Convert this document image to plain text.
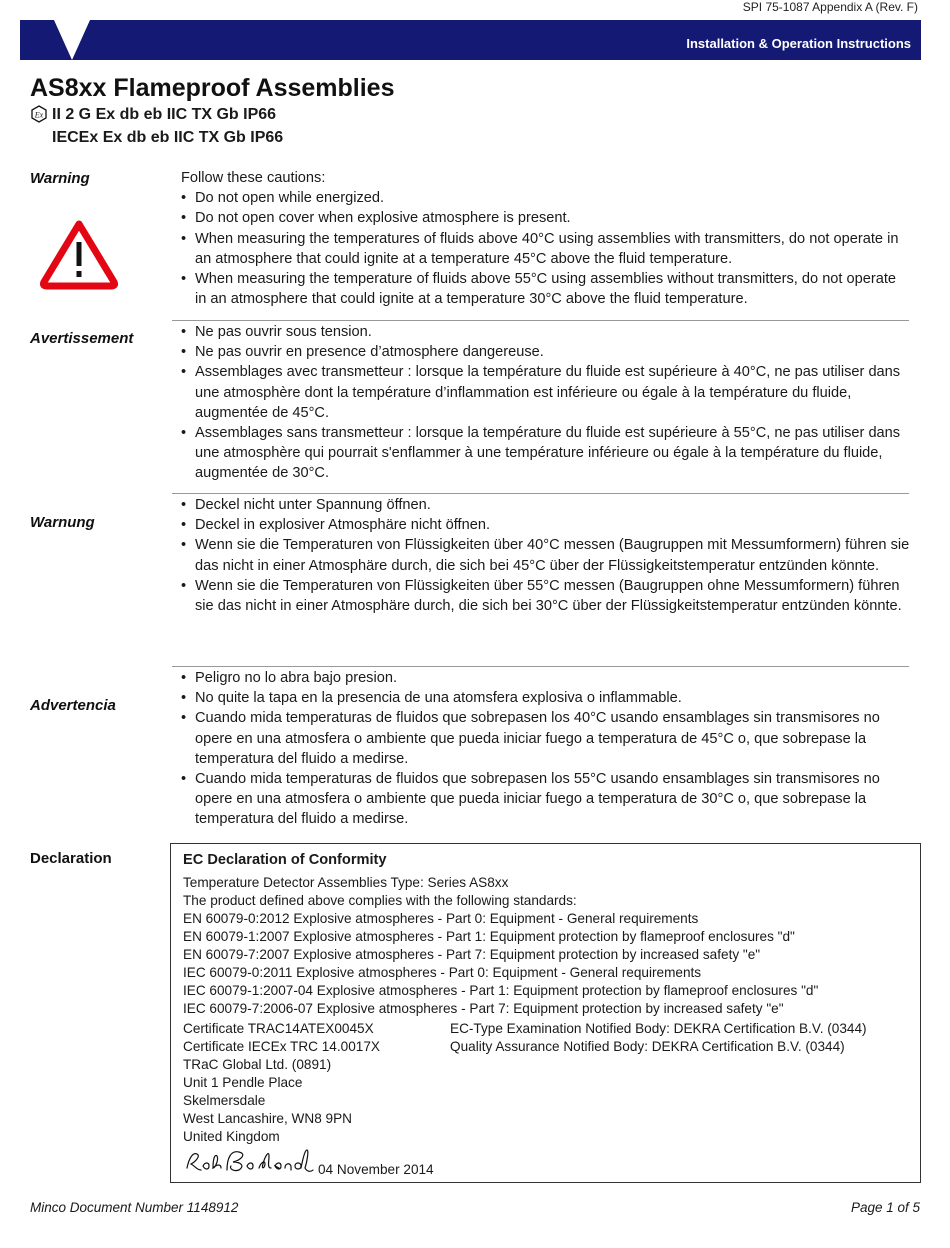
SPI 75-1087 Appendix A (Rev. F)
Installation & Operation Instructions
AS8xx Flameproof Assemblies
Ex II 2 G Ex db eb IIC TX Gb IP66
IECEx Ex db eb IIC TX Gb IP66
Warning	Follow these cautions:

• Do not open while energized.
• Do not open cover when explosive atmosphere is present.
• When measuring the temperatures of fluids above 40°C using assemblies with transmitters, do not operate in an atmosphere that could ignite at a temperature 45°C above the fluid temperature.
• When measuring the temperature of fluids above 55°C using assemblies without transmitters, do not operate in an atmosphere that could ignite at a temperature 30°C above the fluid temperature.
Avertissement
•	Ne pas ouvrir sous tension.
• Ne pas ouvrir en presence d’atmosphere dangereuse.
• Assemblages avec transmetteur : lorsque la température du fluide est supérieure à 40°C, ne pas utiliser dans une atmosphère dont la température d’inflammation est inférieure ou égale à la température du fluide, augmentée de 45°C.
• Assemblages sans transmetteur : lorsque la température du fluide est supérieure à 55°C, ne pas utiliser dans une atmosphère qui pourrait s'enflammer à une température inférieure ou égale à la température du fluide, augmentée de 30°C.
Warnung
• Deckel nicht unter Spannung öffnen.
• Deckel in explosiver Atmosphäre nicht öffnen.
• Wenn sie die Temperaturen von Flüssigkeiten über 40°C messen (Baugruppen mit Messumformern) führen sie das nicht in einer Atmosphäre durch, die sich bei 45°C über der Flüssigkeitstemperatur entzünden könnte.
• Wenn sie die Temperaturen von Flüssigkeiten über 55°C messen (Baugruppen ohne Messumformern) führen sie das nicht in einer Atmosphäre durch, die sich bei 30°C über der Flüssigkeitstemperatur entzünden könnte.
Advertencia
• Peligro no lo abra bajo presion.
• No quite la tapa en la presencia de una atomsfera explosiva o inflammable.
• Cuando mida temperaturas de fluidos que sobrepasen los 40°C usando ensamblages sin transmisores no opere en una atmosfera o ambiente que pueda iniciar fuego a temperatura de 45°C o, que sobrepase la temperatura del fluido a medirse.
• Cuando mida temperaturas de fluidos que sobrepasen los 55°C usando ensamblages sin transmisores no opere en una atmosfera o ambiente que pueda iniciar fuego a temperatura de 30°C o, que sobrepase la temperatura del fluido a medirse.
Declaration	EC Declaration of Conformity
Temperature Detector Assemblies Type: Series AS8xx
The product defined above complies with the following standards:
EN 60079-0:2012 Explosive atmospheres - Part 0: Equipment - General requirements
EN 60079-1:2007 Explosive atmospheres - Part 1: Equipment protection by flameproof enclosures "d"
EN 60079-7:2007 Explosive atmospheres - Part 7: Equipment protection by increased safety "e"
IEC 60079-0:2011 Explosive atmospheres - Part 0: Equipment - General requirements
IEC 60079-1:2007-04 Explosive atmospheres - Part 1: Equipment protection by flameproof enclosures "d"
IEC 60079-7:2006-07 Explosive atmospheres - Part 7: Equipment protection by increased safety "e"
Certificate TRAC14ATEX0045X
Certificate IECEx TRC 14.0017X
TRaC Global Ltd. (0891)
Unit 1 Pendle Place
Skelmersdale
West Lancashire, WN8 9PN
United Kingdom
EC-Type Examination Notified Body: DEKRA Certification B.V. (0344)
Quality Assurance Notified Body: DEKRA Certification B.V. (0344)
04 November 2014
Minco Document Number 1148912	Page 1 of 5
